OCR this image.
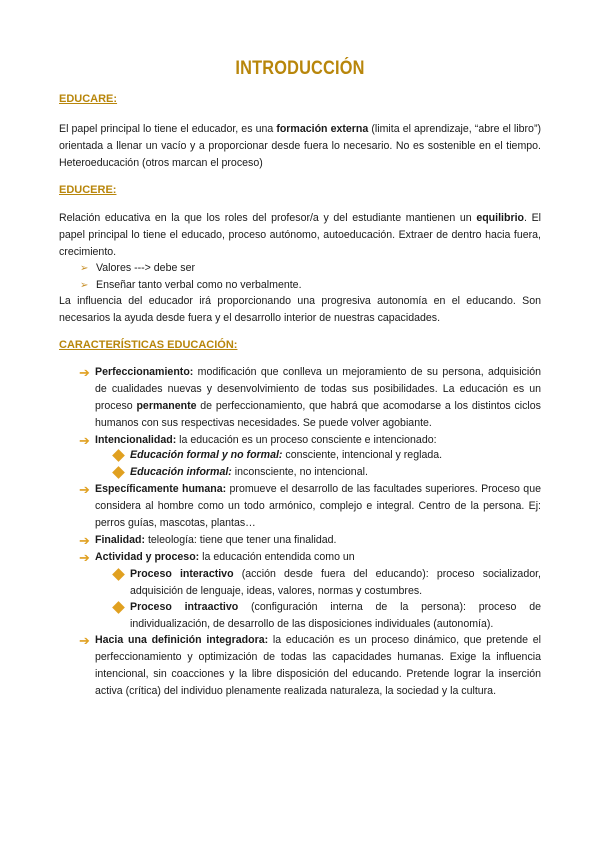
INTRODUCCIÓN
EDUCARE:
El papel principal lo tiene el educador, es una formación externa (limita el aprendizaje, “abre el libro”) orientada a llenar un vacío y a proporcionar desde fuera lo necesario. No es sostenible en el tiempo. Heteroeducación (otros marcan el proceso)
EDUCERE:
Relación educativa en la que los roles del profesor/a y del estudiante mantienen un equilibrio. El papel principal lo tiene el educado, proceso autónomo, autoeducación. Extraer de dentro hacia fuera, crecimiento.
➢ Valores ---> debe ser
➢ Enseñar tanto verbal como no verbalmente.
La influencia del educador irá proporcionando una progresiva autonomía en el educando. Son necesarios la ayuda desde fuera y el desarrollo interior de nuestras capacidades.
CARACTERÍSTICAS EDUCACIÓN:
➔ Perfeccionamiento: modificación que conlleva un mejoramiento de su persona, adquisición de cualidades nuevas y desenvolvimiento de todas sus posibilidades. La educación es un proceso permanente de perfeccionamiento, que habrá que acomodarse a los distintos ciclos humanos con sus respectivas necesidades. Se puede volver agobiante.
➔ Intencionalidad: la educación es un proceso consciente e intencionado:
Educación formal y no formal: consciente, intencional y reglada.
Educación informal: inconsciente, no intencional.
➔ Específicamente humana: promueve el desarrollo de las facultades superiores. Proceso que considera al hombre como un todo armónico, complejo e integral. Centro de la persona. Ej: perros guías, mascotas, plantas…
➔ Finalidad: teleología: tiene que tener una finalidad.
➔ Actividad y proceso: la educación entendida como un
Proceso interactivo (acción desde fuera del educando): proceso socializador, adquisición de lenguaje, ideas, valores, normas y costumbres.
Proceso intraactivo (configuración interna de la persona): proceso de individualización, de desarrollo de las disposiciones individuales (autonomía).
➔ Hacia una definición integradora: la educación es un proceso dinámico, que pretende el perfeccionamiento y optimización de todas las capacidades humanas. Exige la influencia intencional, sin coacciones y la libre disposición del educando. Pretende lograr la inserción activa (crítica) del individuo plenamente realizada naturaleza, la sociedad y la cultura.
